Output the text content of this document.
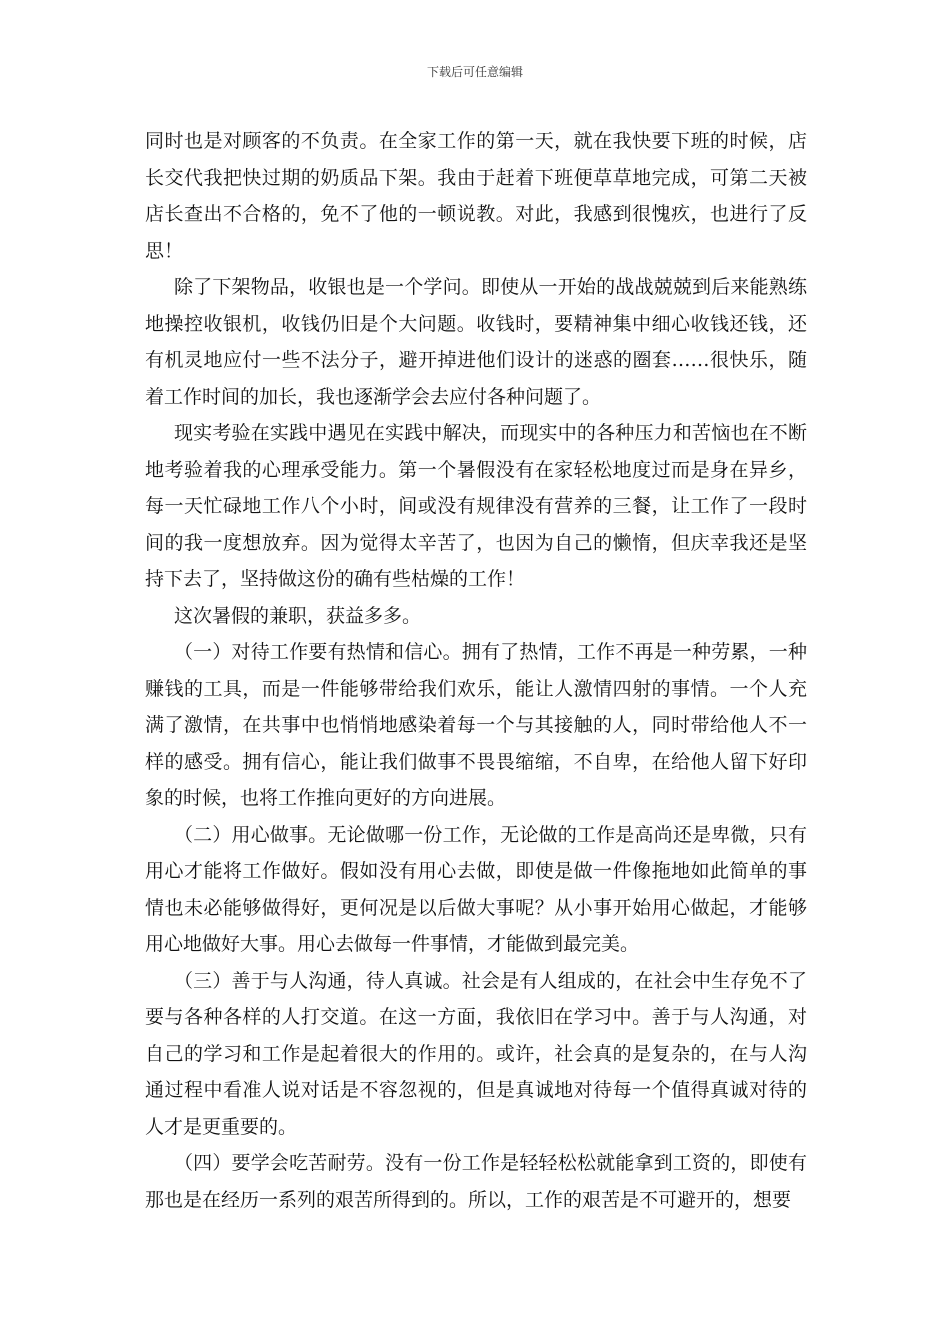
下载后可任意编辑

同时也是对顾客的不负责。在全家工作的第一天，就在我快要下班的时候，店长交代我把快过期的奶质品下架。我由于赶着下班便草草地完成，可第二天被店长查出不合格的，免不了他的一顿说教。对此，我感到很愧疚，也进行了反思！

除了下架物品，收银也是一个学问。即使从一开始的战战兢兢到后来能熟练地操控收银机，收钱仍旧是个大问题。收钱时，要精神集中细心收钱还钱，还有机灵地应付一些不法分子，避开掉进他们设计的迷惑的圈套……很快乐，随着工作时间的加长，我也逐渐学会去应付各种问题了。

现实考验在实践中遇见在实践中解决，而现实中的各种压力和苦恼也在不断地考验着我的心理承受能力。第一个暑假没有在家轻松地度过而是身在异乡，每一天忙碌地工作八个小时，间或没有规律没有营养的三餐，让工作了一段时间的我一度想放弃。因为觉得太辛苦了，也因为自己的懒惰，但庆幸我还是坚持下去了，坚持做这份的确有些枯燥的工作！

这次暑假的兼职，获益多多。

（一）对待工作要有热情和信心。拥有了热情，工作不再是一种劳累，一种赚钱的工具，而是一件能够带给我们欢乐，能让人激情四射的事情。一个人充满了激情，在共事中也悄悄地感染着每一个与其接触的人，同时带给他人不一样的感受。拥有信心，能让我们做事不畏畏缩缩，不自卑，在给他人留下好印象的时候，也将工作推向更好的方向进展。

（二）用心做事。无论做哪一份工作，无论做的工作是高尚还是卑微，只有用心才能将工作做好。假如没有用心去做，即使是做一件像拖地如此简单的事情也未必能够做得好，更何况是以后做大事呢？从小事开始用心做起，才能够用心地做好大事。用心去做每一件事情，才能做到最完美。

（三）善于与人沟通，待人真诚。社会是有人组成的，在社会中生存免不了要与各种各样的人打交道。在这一方面，我依旧在学习中。善于与人沟通，对自己的学习和工作是起着很大的作用的。或许，社会真的是复杂的，在与人沟通过程中看准人说对话是不容忽视的，但是真诚地对待每一个值得真诚对待的人才是更重要的。

（四）要学会吃苦耐劳。没有一份工作是轻轻松松就能拿到工资的，即使有那也是在经历一系列的艰苦所得到的。所以，工作的艰苦是不可避开的，想要
